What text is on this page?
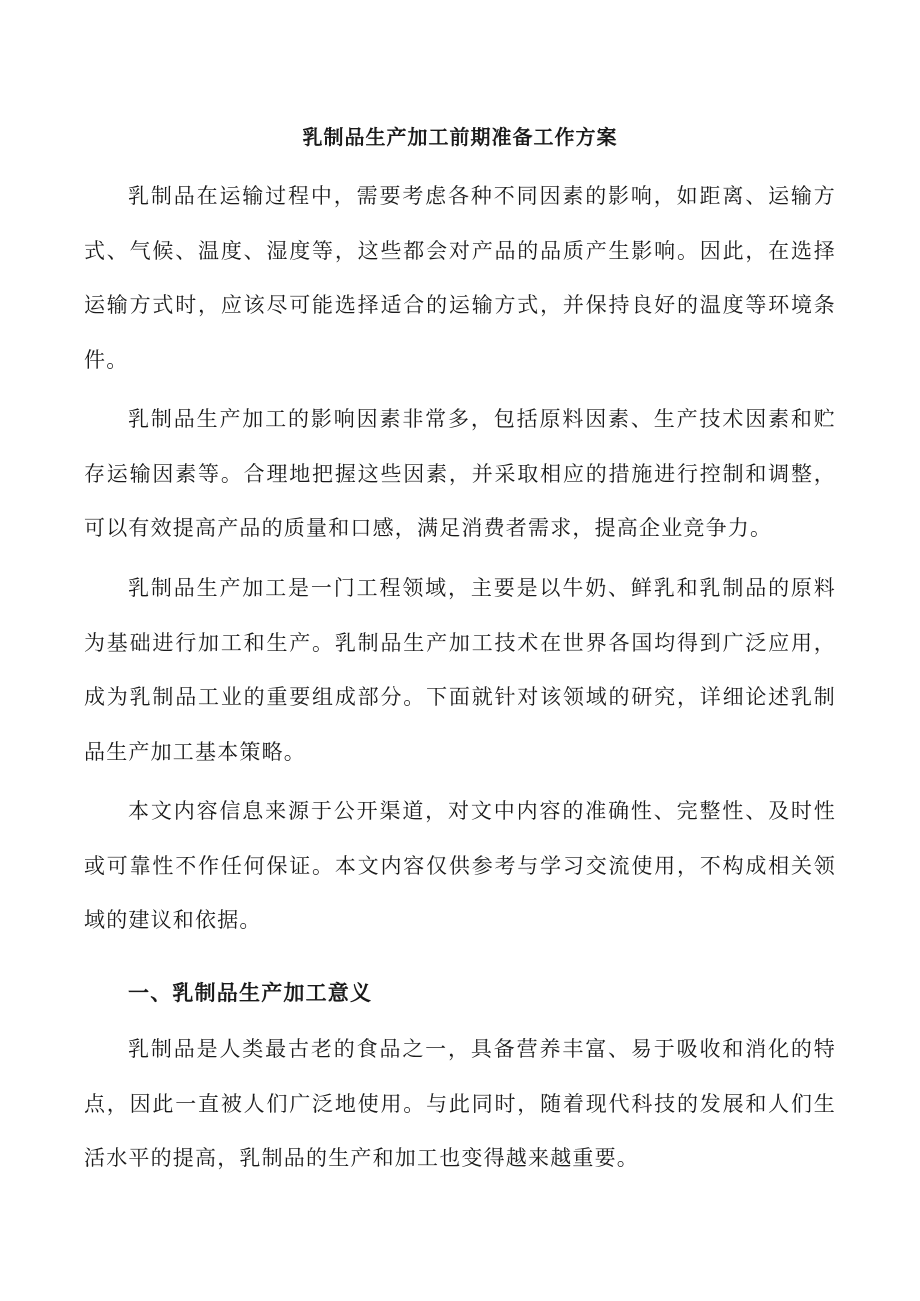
乳制品生产加工前期准备工作方案

乳制品在运输过程中，需要考虑各种不同因素的影响，如距离、运输方式、气候、温度、湿度等，这些都会对产品的品质产生影响。因此，在选择运输方式时，应该尽可能选择适合的运输方式，并保持良好的温度等环境条件。

乳制品生产加工的影响因素非常多，包括原料因素、生产技术因素和贮存运输因素等。合理地把握这些因素，并采取相应的措施进行控制和调整，可以有效提高产品的质量和口感，满足消费者需求，提高企业竞争力。

乳制品生产加工是一门工程领域，主要是以牛奶、鲜乳和乳制品的原料为基础进行加工和生产。乳制品生产加工技术在世界各国均得到广泛应用，成为乳制品工业的重要组成部分。下面就针对该领域的研究，详细论述乳制品生产加工基本策略。

本文内容信息来源于公开渠道，对文中内容的准确性、完整性、及时性或可靠性不作任何保证。本文内容仅供参考与学习交流使用，不构成相关领域的建议和依据。

一、乳制品生产加工意义

乳制品是人类最古老的食品之一，具备营养丰富、易于吸收和消化的特点，因此一直被人们广泛地使用。与此同时，随着现代科技的发展和人们生活水平的提高，乳制品的生产和加工也变得越来越重要。
